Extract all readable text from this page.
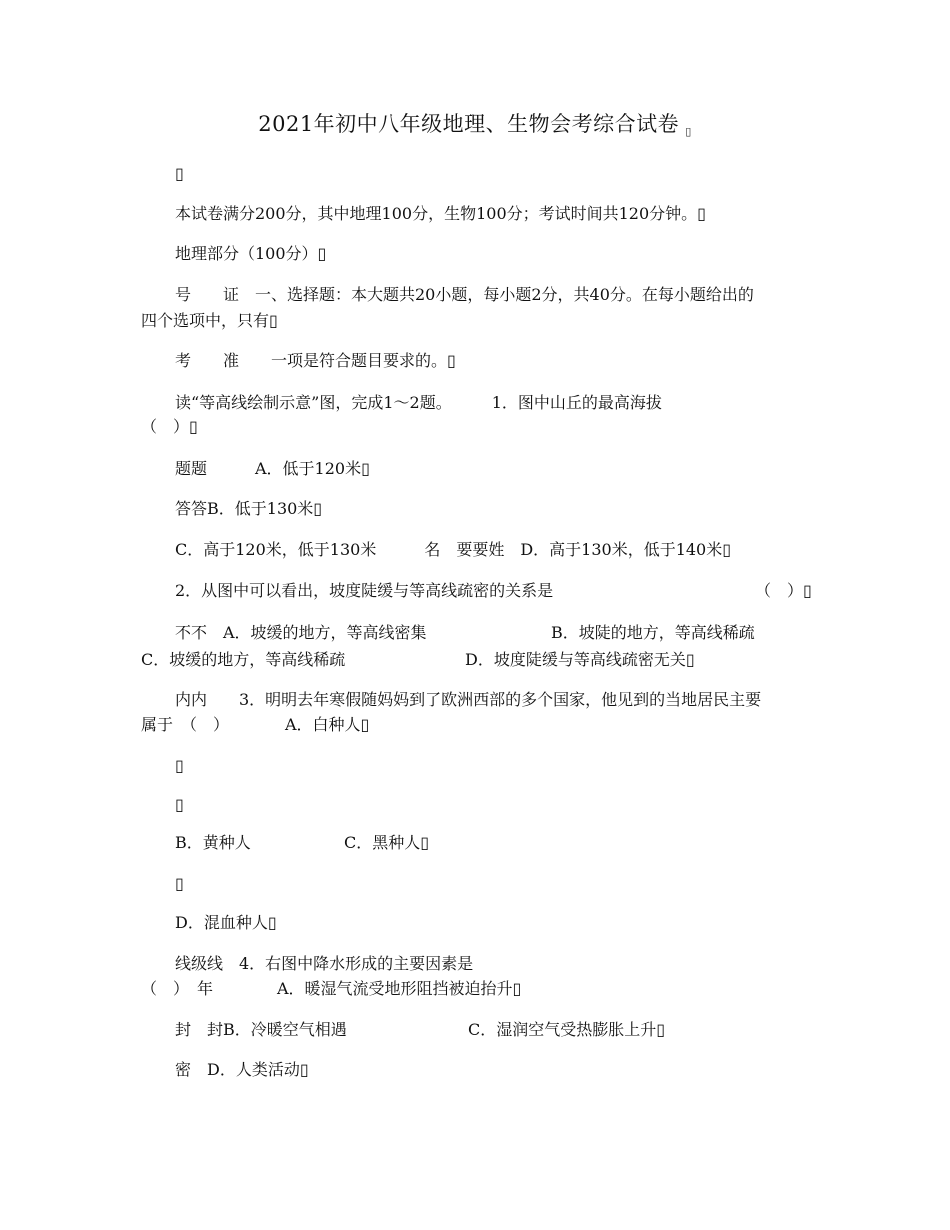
2021年初中八年级地理、生物会考综合试卷 ▯
▯
本试卷满分200分，其中地理100分，生物100分；考试时间共120分钟。▯
地理部分（100分）▯
号　　证　一、选择题：本大题共20小题，每小题2分，共40分。在每小题给出的
四个选项中，只有▯
考　　准　　一项是符合题目要求的。▯
读“等高线绘制示意”图，完成1～2题。　　　1．图中山丘的最高海拔
（　）▯
题题　　　A．低于120米▯
答答B．低于130米▯
C．高于120米，低于130米　　　名　要要姓　D．高于130米，低于140米▯
2．从图中可以看出，坡度陡缓与等高线疏密的关系是	（　）▯
不不　A．坡缓的地方，等高线密集	B．坡陡的地方，等高线稀疏
C．坡缓的地方，等高线稀疏	D．坡度陡缓与等高线疏密无关▯
内内　　3．明明去年寒假随妈妈到了欧洲西部的多个国家，他见到的当地居民主要
属于　（　）　　　　A．白种人▯
▯
▯
B．黄种人	C．黑种人▯
▯
D．混血种人▯
线级线　4．右图中降水形成的主要因素是
（　）　年　　　　A．暖湿气流受地形阻挡被迫抬升▯
封　封B．冷暖空气相遇	C．湿润空气受热膨胀上升▯
密　D．人类活动▯
